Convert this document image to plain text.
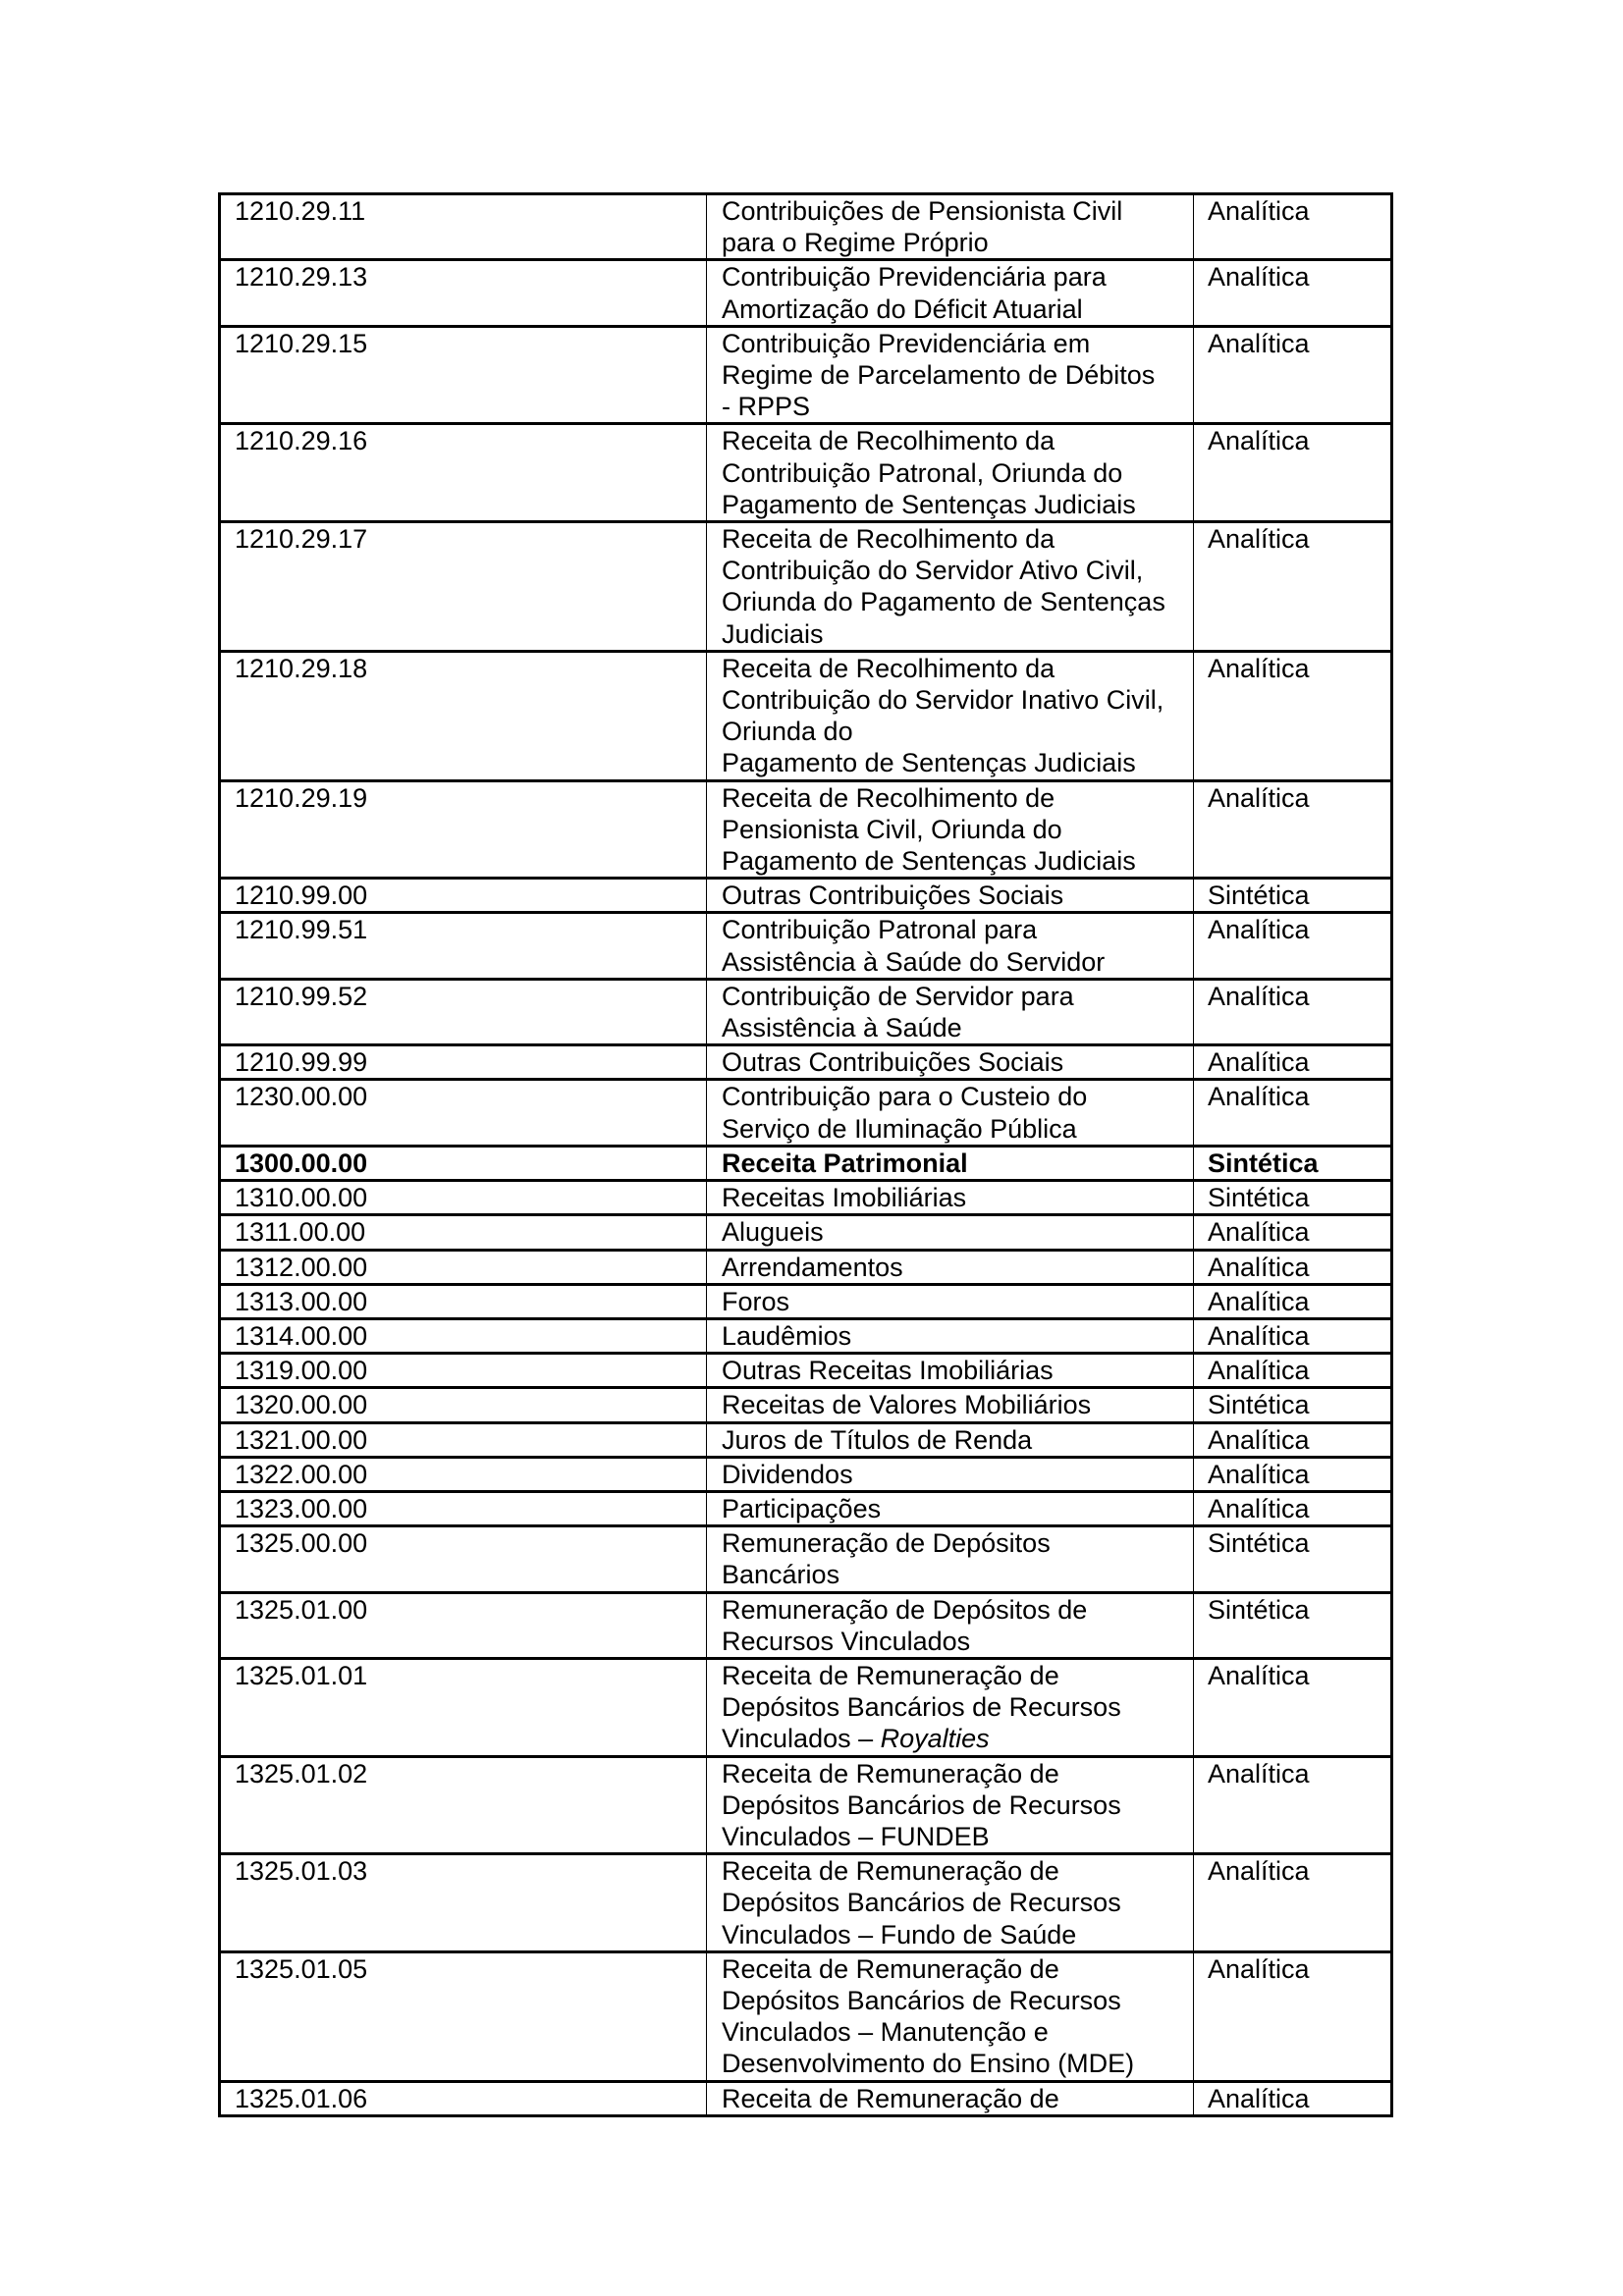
1210.29.11	Contribuições de Pensionista Civil
para o Regime Próprio	Analítica
1210.29.13	Contribuição Previdenciária para
Amortização do Déficit Atuarial	Analítica
1210.29.15	Contribuição Previdenciária em
Regime de Parcelamento de Débitos
- RPPS	Analítica
1210.29.16	Receita de Recolhimento da
Contribuição Patronal, Oriunda do
Pagamento de Sentenças Judiciais	Analítica
1210.29.17	Receita de Recolhimento da
Contribuição do Servidor Ativo Civil,
Oriunda do Pagamento de Sentenças
Judiciais	Analítica
1210.29.18	Receita de Recolhimento da
Contribuição do Servidor Inativo Civil,
Oriunda do
Pagamento de Sentenças Judiciais	Analítica
1210.29.19	Receita de Recolhimento de
Pensionista Civil, Oriunda do
Pagamento de Sentenças Judiciais	Analítica
1210.99.00	Outras Contribuições Sociais	Sintética
1210.99.51	Contribuição Patronal para
Assistência à Saúde do Servidor	Analítica
1210.99.52	Contribuição de Servidor para
Assistência à Saúde	Analítica
1210.99.99	Outras Contribuições Sociais	Analítica
1230.00.00	Contribuição para o Custeio do
Serviço de Iluminação Pública	Analítica
1300.00.00	Receita Patrimonial	Sintética
1310.00.00	Receitas Imobiliárias	Sintética
1311.00.00	Alugueis	Analítica
1312.00.00	Arrendamentos	Analítica
1313.00.00	Foros	Analítica
1314.00.00	Laudêmios	Analítica
1319.00.00	Outras Receitas Imobiliárias	Analítica
1320.00.00	Receitas de Valores Mobiliários	Sintética
1321.00.00	Juros de Títulos de Renda	Analítica
1322.00.00	Dividendos	Analítica
1323.00.00	Participações	Analítica
1325.00.00	Remuneração de Depósitos
Bancários	Sintética
1325.01.00	Remuneração de Depósitos de
Recursos Vinculados	Sintética
1325.01.01	Receita de Remuneração de
Depósitos Bancários de Recursos
Vinculados – Royalties	Analítica
1325.01.02	Receita de Remuneração de
Depósitos Bancários de Recursos
Vinculados – FUNDEB	Analítica
1325.01.03	Receita de Remuneração de
Depósitos Bancários de Recursos
Vinculados – Fundo de Saúde	Analítica
1325.01.05	Receita de Remuneração de
Depósitos Bancários de Recursos
Vinculados – Manutenção e
Desenvolvimento do Ensino (MDE)	Analítica
1325.01.06	Receita de Remuneração de	Analítica
